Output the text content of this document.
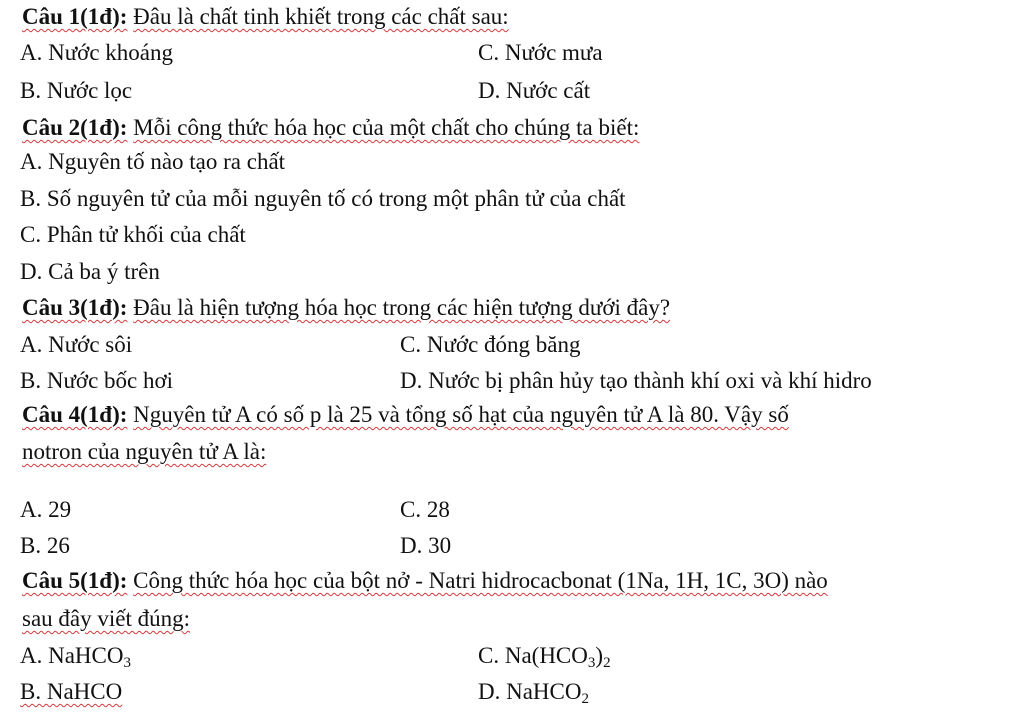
Câu 1(1đ): Đâu là chất tinh khiết trong các chất sau:
A. Nước khoáng	C. Nước mưa
B. Nước lọc	D. Nước cất
Câu 2(1đ): Mỗi công thức hóa học của một chất cho chúng ta biết:
A. Nguyên tố nào tạo ra chất
B. Số nguyên tử của mỗi nguyên tố có trong một phân tử của chất
C. Phân tử khối của chất
D. Cả ba ý trên
Câu 3(1đ): Đâu là hiện tượng hóa học trong các hiện tượng dưới đây?
A. Nước sôi	C. Nước đóng băng
B. Nước bốc hơi	D. Nước bị phân hủy tạo thành khí oxi và khí hidro
Câu 4(1đ): Nguyên tử A có số p là 25 và tổng số hạt của nguyên tử A là 80. Vậy số
notron của nguyên tử A là:
A. 29	C. 28
B. 26	D. 30
Câu 5(1đ): Công thức hóa học của bột nở - Natri hidrocacbonat (1Na, 1H, 1C, 3O) nào
sau đây viết đúng:
A. NaHCO$_3$	C. $Na(HCO_3)_2$
B. NaHCO	D. NaHCO$_2$
